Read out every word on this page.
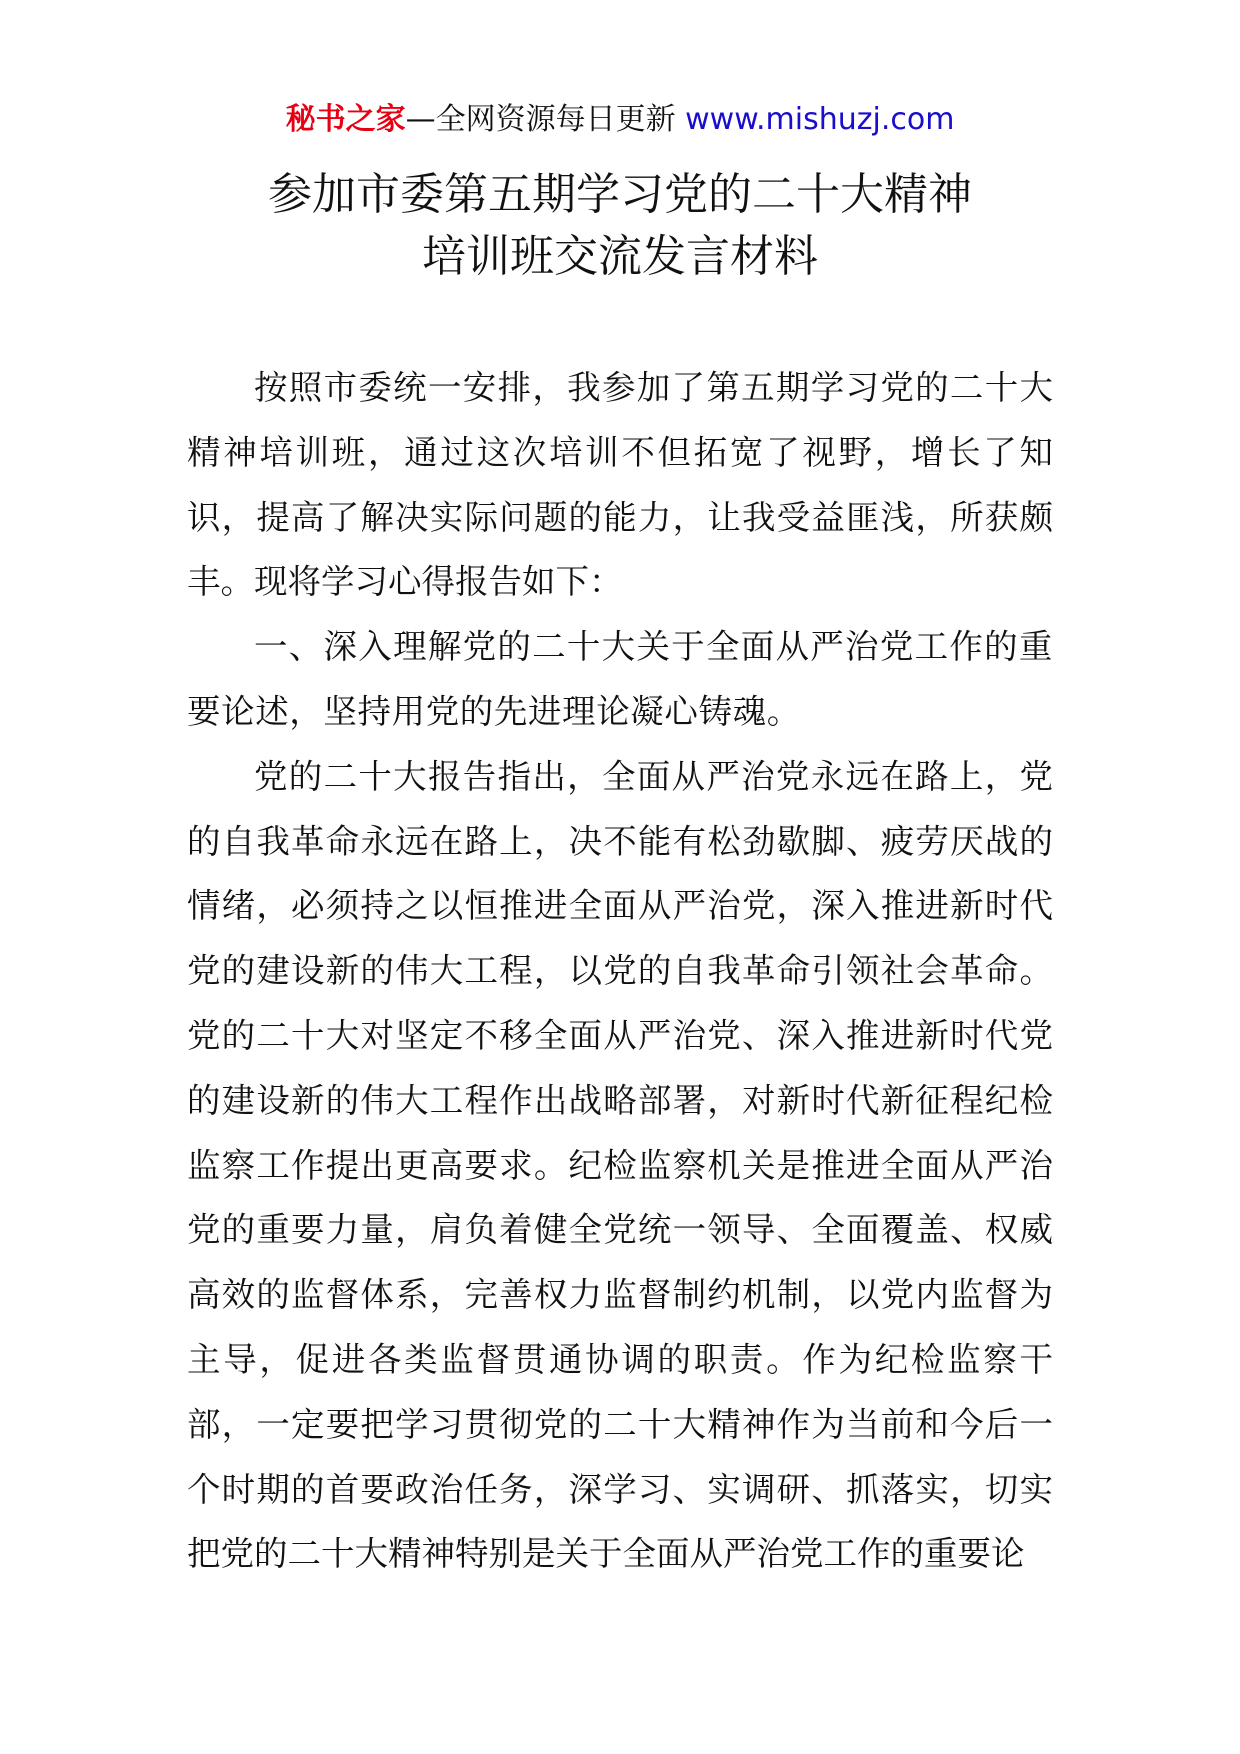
秘书之家—全网资源每日更新 www.mishuzj.com
参加市委第五期学习党的二十大精神
培训班交流发言材料

按照市委统一安排，我参加了第五期学习党的二十大精神培训班，通过这次培训不但拓宽了视野，增长了知识，提高了解决实际问题的能力，让我受益匪浅，所获颇丰。现将学习心得报告如下：

一、深入理解党的二十大关于全面从严治党工作的重要论述，坚持用党的先进理论凝心铸魂。

党的二十大报告指出，全面从严治党永远在路上，党的自我革命永远在路上，决不能有松劲歇脚、疲劳厌战的情绪，必须持之以恒推进全面从严治党，深入推进新时代党的建设新的伟大工程，以党的自我革命引领社会革命。党的二十大对坚定不移全面从严治党、深入推进新时代党的建设新的伟大工程作出战略部署，对新时代新征程纪检监察工作提出更高要求。纪检监察机关是推进全面从严治党的重要力量，肩负着健全党统一领导、全面覆盖、权威高效的监督体系，完善权力监督制约机制，以党内监督为主导，促进各类监督贯通协调的职责。作为纪检监察干部，一定要把学习贯彻党的二十大精神作为当前和今后一个时期的首要政治任务，深学习、实调研、抓落实，切实把党的二十大精神特别是关于全面从严治党工作的重要论
